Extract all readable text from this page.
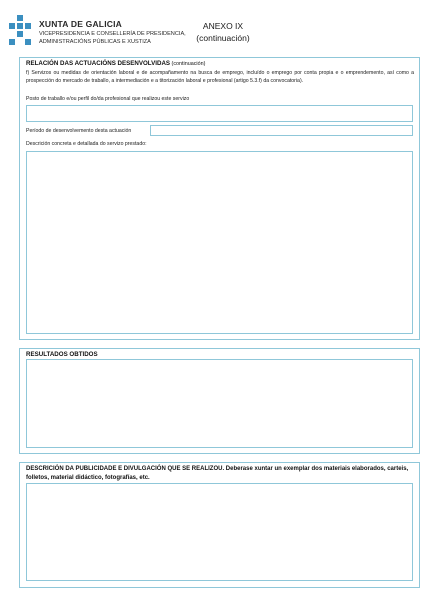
XUNTA DE GALICIA
VICEPRESIDENCIA E CONSELLERÍA DE PRESIDENCIA,
ADMINISTRACIÓNS PÚBLICAS E XUSTIZA
ANEXO IX
(continuación)
RELACIÓN DAS ACTUACIÓNS DESENVOLVIDAS (continuación)
f) Servizos ou medidas de orientación laboral e de acompañamento na busca de emprego, incluído o emprego por conta propia e o emprendemento, así como a prospección do mercado de traballo, a intermediación e a titorización laboral e profesional (artigo 5.3.f) da convocatoria).
Posto de traballo e/ou perfil do/da profesional que realizou este servizo
Período de desenvolvemento desta actuación
Descrición concreta e detallada do servizo prestado:
RESULTADOS OBTIDOS
DESCRICIÓN DA PUBLICIDADE E DIVULGACIÓN QUE SE REALIZOU. Deberase xuntar un exemplar dos materiais elaborados, carteis, folletos, material didáctico, fotografías, etc.
